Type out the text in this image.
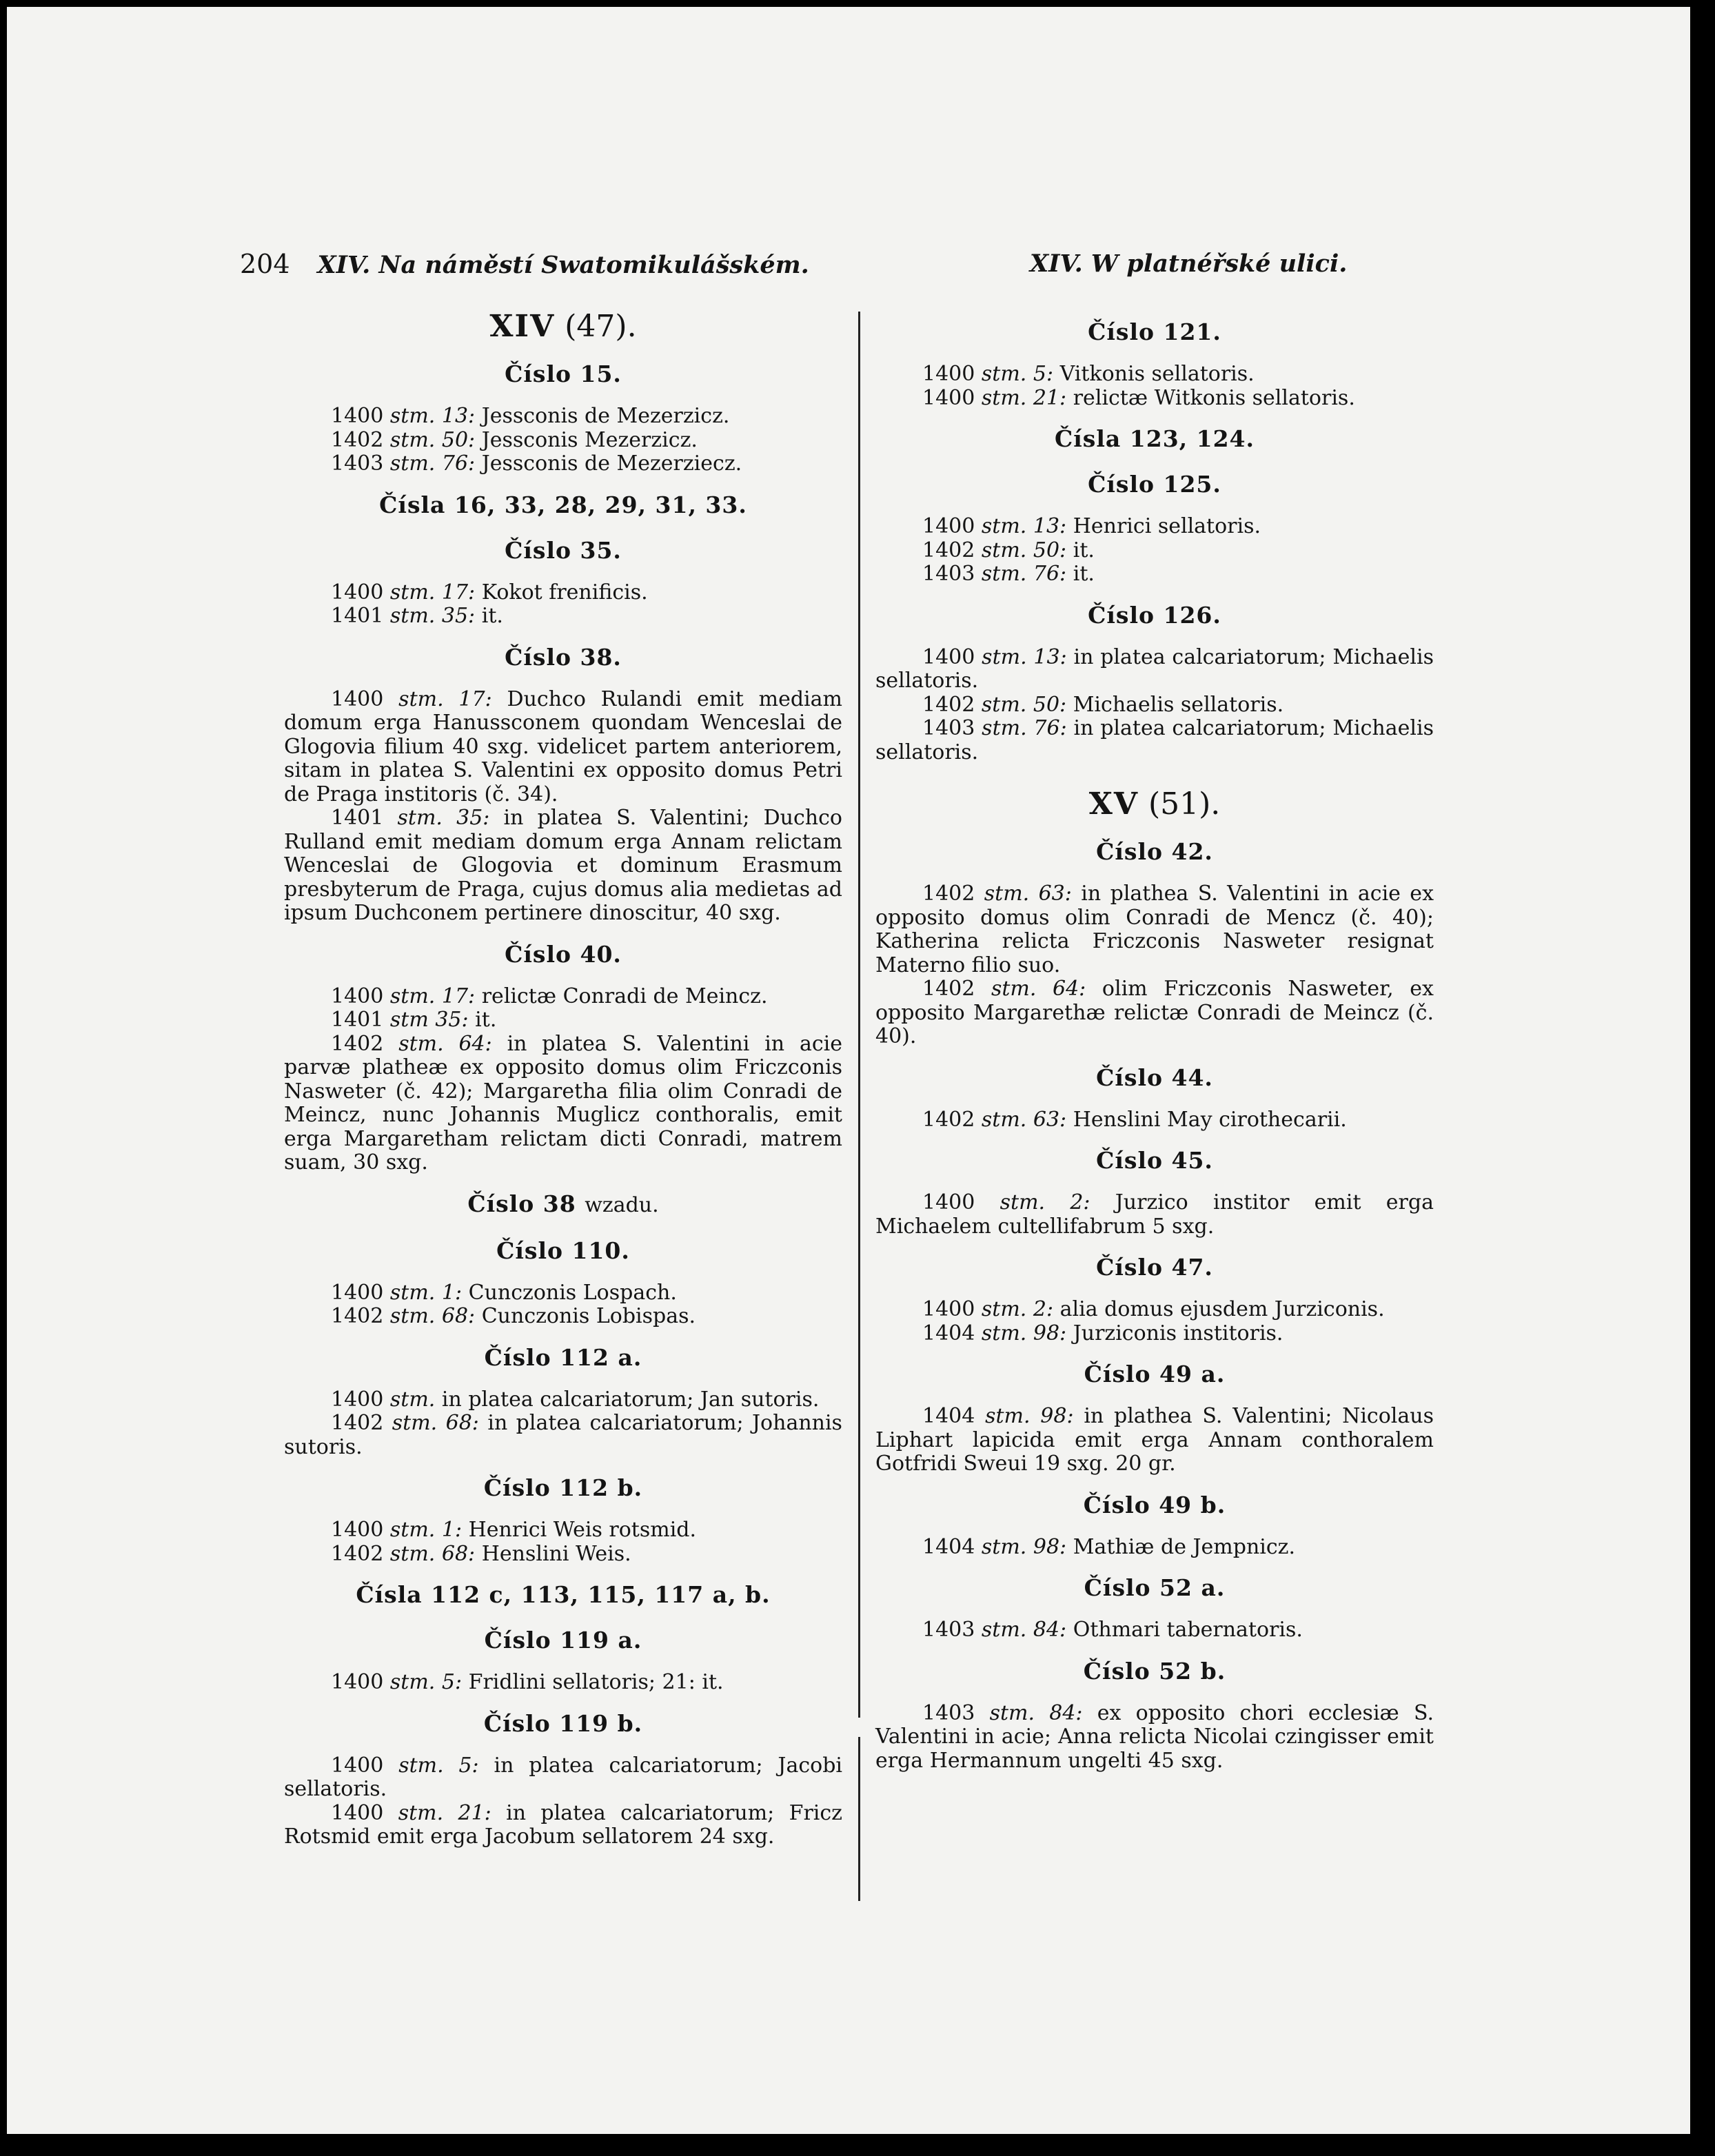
204 XIV. Na náměstí Swatomikulášském.	XIV. W platnéřské ulici.
XIV (47).
Číslo 15.

1400 stm. 13: Jessconis de Mezerzicz.

1402 stm. 50: Jessconis Mezerzicz.

1403 stm. 76: Jessconis de Mezerziecz.

Čísla 16, 33, 28, 29, 31, 33.
Číslo 35.

1400 stm. 17: Kokot frenificis.

1401 stm. 35: it.

Číslo 38.

1400 stm. 17: Duchco Rulandi emit mediam domum erga Hanussconem quondam Wenceslai de Glogovia filium 40 sxg. videlicet partem anteriorem, sitam in platea S. Valentini ex opposito domus Petri de Praga institoris (č. 34).

1401 stm. 35: in platea S. Valentini; Duchco Rulland emit mediam domum erga Annam relictam Wenceslai de Glogovia et dominum Erasmum presbyterum de Praga, cujus domus alia medietas ad ipsum Duchconem pertinere dinoscitur, 40 sxg.

Číslo 40.

1400 stm. 17: relictæ Conradi de Meincz.

1401 stm 35: it.

1402 stm. 64: in platea S. Valentini in acie parvæ platheæ ex opposito domus olim Friczconis Nasweter (č. 42); Margaretha filia olim Conradi de Meincz, nunc Johannis Muglicz conthoralis, emit erga Margaretham relictam dicti Conradi, matrem suam, 30 sxg.

Číslo 38 wzadu.
Číslo 110.

1400 stm. 1: Cunczonis Lospach.

1402 stm. 68: Cunczonis Lobispas.

Číslo 112 a.

1400 stm. in platea calcariatorum; Jan sutoris.

1402 stm. 68: in platea calcariatorum; Johannis sutoris.

Číslo 112 b.

1400 stm. 1: Henrici Weis rotsmid.

1402 stm. 68: Henslini Weis.

Čísla 112 c, 113, 115, 117 a, b.
Číslo 119 a.

1400 stm. 5: Fridlini sellatoris; 21: it.

Číslo 119 b.

1400 stm. 5: in platea calcariatorum; Jacobi sellatoris.

1400 stm. 21: in platea calcariatorum; Fricz Rotsmid emit erga Jacobum sellatorem 24 sxg.

Číslo 121.

1400 stm. 5: Vitkonis sellatoris.

1400 stm. 21: relictæ Witkonis sellatoris.

Čísla 123, 124.
Číslo 125.

1400 stm. 13: Henrici sellatoris.

1402 stm. 50: it.

1403 stm. 76: it.

Číslo 126.

1400 stm. 13: in platea calcariatorum; Michaelis sellatoris.

1402 stm. 50: Michaelis sellatoris.

1403 stm. 76: in platea calcariatorum; Michaelis sellatoris.

XV (51).
Číslo 42.

1402 stm. 63: in plathea S. Valentini in acie ex opposito domus olim Conradi de Mencz (č. 40); Katherina relicta Friczconis Nasweter resignat Materno filio suo.

1402 stm. 64: olim Friczconis Nasweter, ex opposito Margarethæ relictæ Conradi de Meincz (č. 40).

Číslo 44.

1402 stm. 63: Henslini May cirothecarii.

Číslo 45.

1400 stm. 2: Jurzico institor emit erga Michaelem cultellifabrum 5 sxg.

Číslo 47.

1400 stm. 2: alia domus ejusdem Jurziconis.

1404 stm. 98: Jurziconis institoris.

Číslo 49 a.

1404 stm. 98: in plathea S. Valentini; Nicolaus Liphart lapicida emit erga Annam conthoralem Gotfridi Sweui 19 sxg. 20 gr.

Číslo 49 b.

1404 stm. 98: Mathiæ de Jempnicz.

Číslo 52 a.

1403 stm. 84: Othmari tabernatoris.

Číslo 52 b.

1403 stm. 84: ex opposito chori ecclesiæ S. Valentini in acie; Anna relicta Nicolai czingisser emit erga Hermannum ungelti 45 sxg.
